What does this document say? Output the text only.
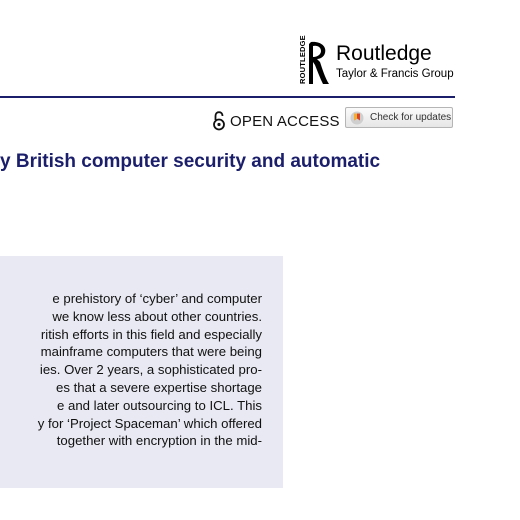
ROUTLEDGE Routledge
Taylor & Francis Group
OPEN ACCESS	Check for updates
y British computer security and automatic
e prehistory of ‘cyber’ and computer
we know less about other countries.
ritish efforts in this field and especially
mainframe computers that were being
ies. Over 2 years, a sophisticated pro-
es that a severe expertise shortage
e and later outsourcing to ICL. This
y for ‘Project Spaceman’ which offered
together with encryption in the mid-
